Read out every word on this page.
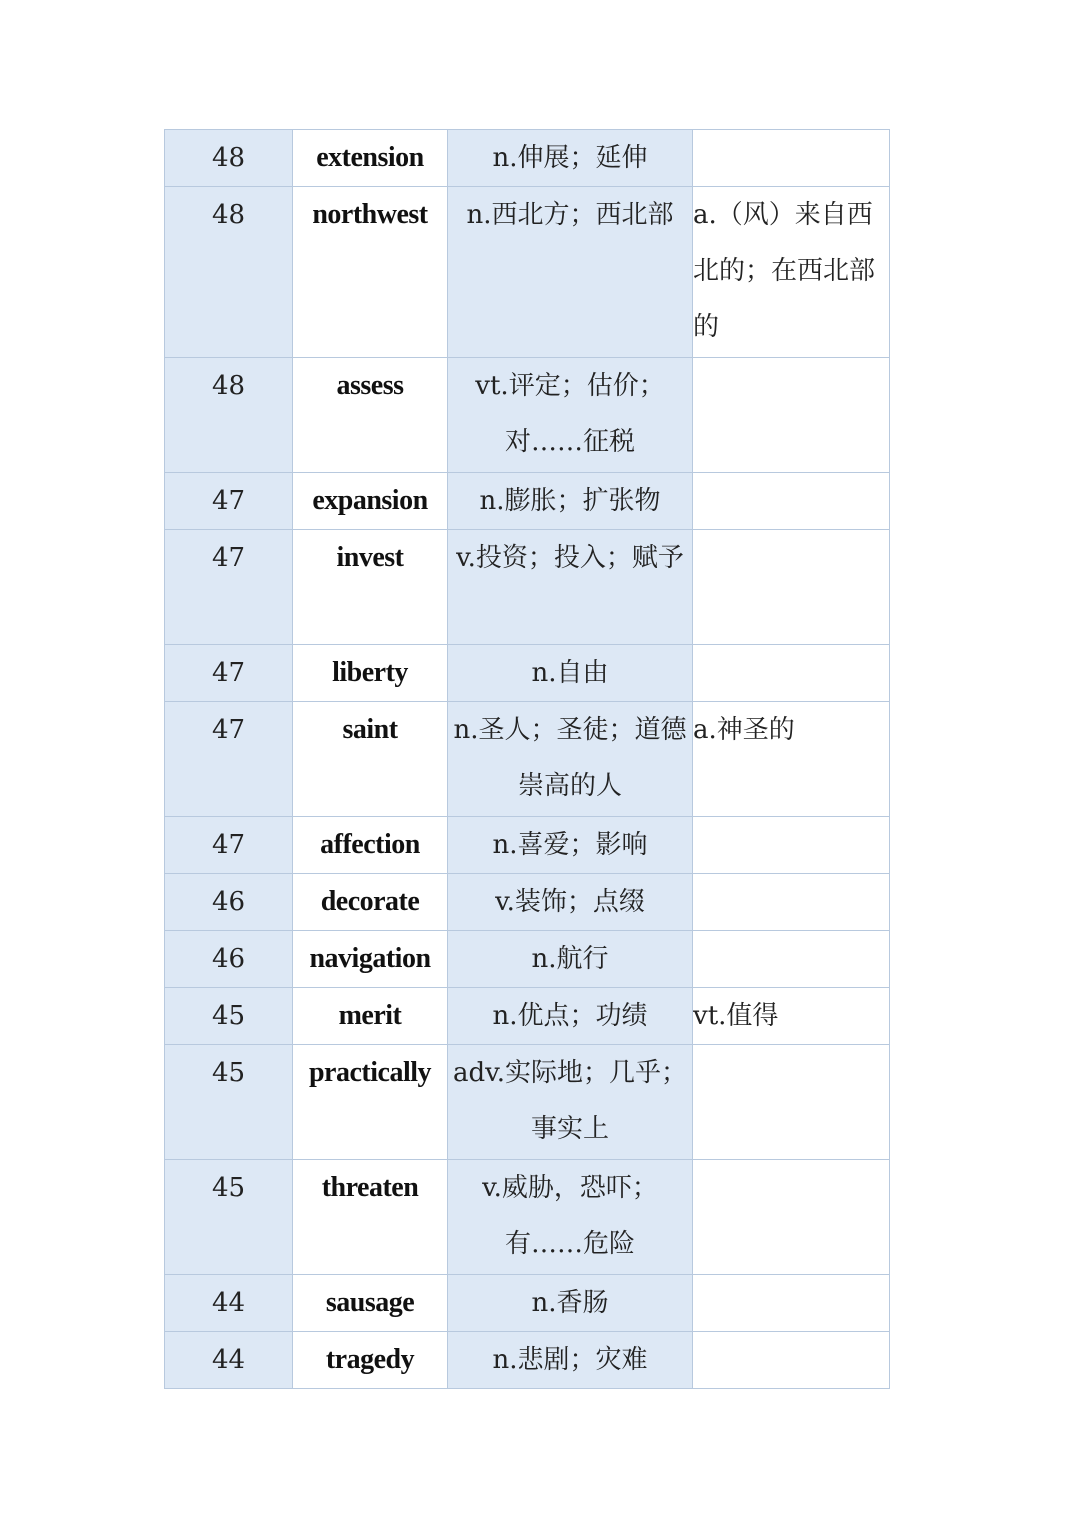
48	extension	n.伸展；延伸	
48	northwest	n.西北方；西北部	a.（风）来自西北的；在西北部的
48	assess	vt.评定；估价；对……征税	
47	expansion	n.膨胀；扩张物	
47	invest	v.投资；投入；赋予	
47	liberty	n.自由	
47	saint	n.圣人；圣徒；道德崇高的人	a.神圣的
47	affection	n.喜爱；影响	
46	decorate	v.装饰；点缀	
46	navigation	n.航行	
45	merit	n.优点；功绩	vt.值得
45	practically	adv.实际地；几乎；事实上	
45	threaten	v.威胁，恐吓；有……危险	
44	sausage	n.香肠	
44	tragedy	n.悲剧；灾难	
